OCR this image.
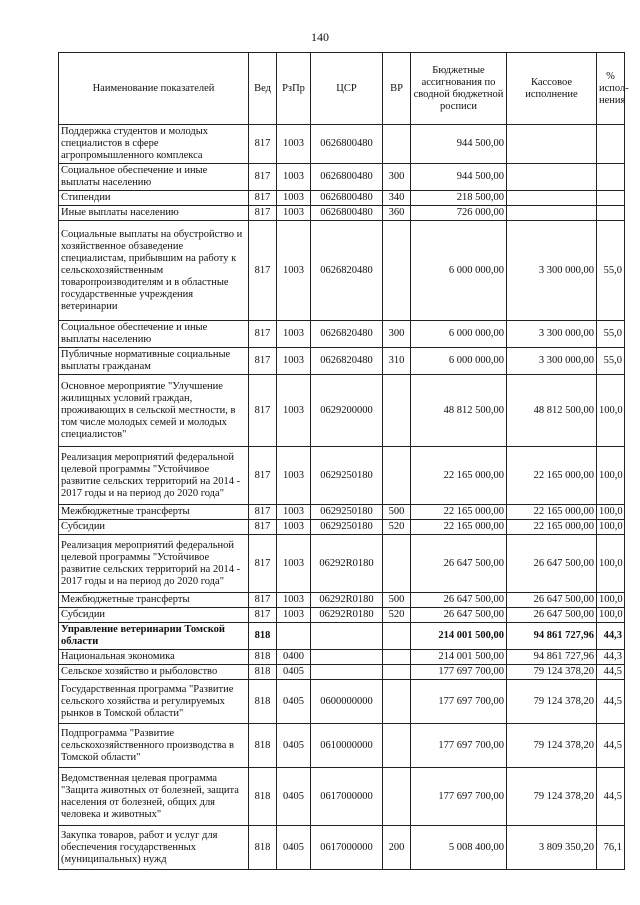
140
Наименование показателей	Вед	РзПр	ЦСР	ВР	Бюджетные ассигнования по сводной бюджетной росписи	Кассовое исполнение	% испол-нения
Поддержка студентов и молодых специалистов в сфере агропромышленного комплекса	817	1003	0626800480		944 500,00		
Социальное обеспечение и иные выплаты населению	817	1003	0626800480	300	944 500,00		
Стипендии	817	1003	0626800480	340	218 500,00		
Иные выплаты населению	817	1003	0626800480	360	726 000,00		
Социальные выплаты на обустройство и хозяйственное обзаведение специалистам, прибывшим на работу к сельскохозяйственным товаропроизводителям и в областные государственные учреждения ветеринарии	817	1003	0626820480		6 000 000,00	3 300 000,00	55,0
Социальное обеспечение и иные выплаты населению	817	1003	0626820480	300	6 000 000,00	3 300 000,00	55,0
Публичные нормативные социальные выплаты гражданам	817	1003	0626820480	310	6 000 000,00	3 300 000,00	55,0
Основное мероприятие "Улучшение жилищных условий граждан, проживающих в сельской местности, в том числе молодых семей и молодых специалистов"	817	1003	0629200000		48 812 500,00	48 812 500,00	100,0
Реализация мероприятий федеральной целевой программы "Устойчивое развитие сельских территорий на 2014 - 2017 годы и на период до 2020 года"	817	1003	0629250180		22 165 000,00	22 165 000,00	100,0
Межбюджетные трансферты	817	1003	0629250180	500	22 165 000,00	22 165 000,00	100,0
Субсидии	817	1003	0629250180	520	22 165 000,00	22 165 000,00	100,0
Реализация мероприятий федеральной целевой программы "Устойчивое развитие сельских территорий на 2014 - 2017 годы и на период до 2020 года"	817	1003	06292R0180		26 647 500,00	26 647 500,00	100,0
Межбюджетные трансферты	817	1003	06292R0180	500	26 647 500,00	26 647 500,00	100,0
Субсидии	817	1003	06292R0180	520	26 647 500,00	26 647 500,00	100,0
Управление ветеринарии Томской области	818				214 001 500,00	94 861 727,96	44,3
Национальная экономика	818	0400			214 001 500,00	94 861 727,96	44,3
Сельское хозяйство и рыболовство	818	0405			177 697 700,00	79 124 378,20	44,5
Государственная программа "Развитие сельского хозяйства и регулируемых рынков в Томской области"	818	0405	0600000000		177 697 700,00	79 124 378,20	44,5
Подпрограмма "Развитие сельскохозяйственного производства в Томской области"	818	0405	0610000000		177 697 700,00	79 124 378,20	44,5
Ведомственная целевая программа "Защита животных от болезней, защита населения от болезней, общих для человека и животных"	818	0405	0617000000		177 697 700,00	79 124 378,20	44,5
Закупка товаров, работ и услуг для обеспечения государственных (муниципальных) нужд	818	0405	0617000000	200	5 008 400,00	3 809 350,20	76,1
